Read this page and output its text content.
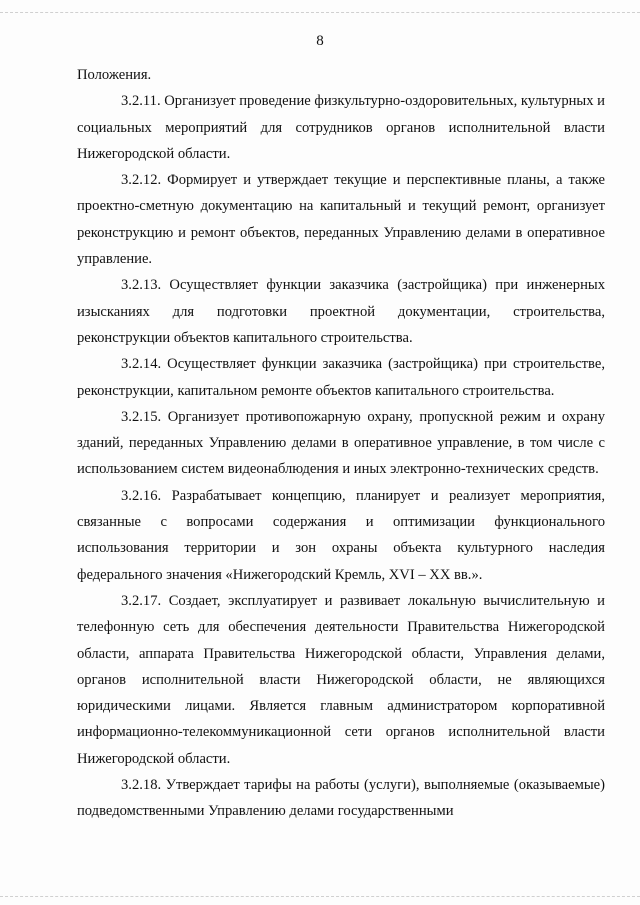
8

Положения.

3.2.11. Организует проведение физкультурно-оздоровительных, культурных и социальных мероприятий для сотрудников органов исполнительной власти Нижегородской области.

3.2.12. Формирует и утверждает текущие и перспективные планы, а также проектно-сметную документацию на капитальный и текущий ремонт, организует реконструкцию и ремонт объектов, переданных Управлению делами в оперативное управление.

3.2.13. Осуществляет функции заказчика (застройщика) при инженерных изысканиях для подготовки проектной документации, строительства, реконструкции объектов капитального строительства.

3.2.14. Осуществляет функции заказчика (застройщика) при строительстве, реконструкции, капитальном ремонте объектов капитального строительства.

3.2.15. Организует противопожарную охрану, пропускной режим и охрану зданий, переданных Управлению делами в оперативное управление, в том числе с использованием систем видеонаблюдения и иных электронно-технических средств.

3.2.16. Разрабатывает концепцию, планирует и реализует мероприятия, связанные с вопросами содержания и оптимизации функционального использования территории и зон охраны объекта культурного наследия федерального значения «Нижегородский Кремль, XVI – XX вв.».

3.2.17. Создает, эксплуатирует и развивает локальную вычислительную и телефонную сеть для обеспечения деятельности Правительства Нижегородской области, аппарата Правительства Нижегородской области, Управления делами, органов исполнительной власти Нижегородской области, не являющихся юридическими лицами. Является главным администратором корпоративной информационно-телекоммуникационной сети органов исполнительной власти Нижегородской области.

3.2.18. Утверждает тарифы на работы (услуги), выполняемые (оказываемые) подведомственными Управлению делами государственными
